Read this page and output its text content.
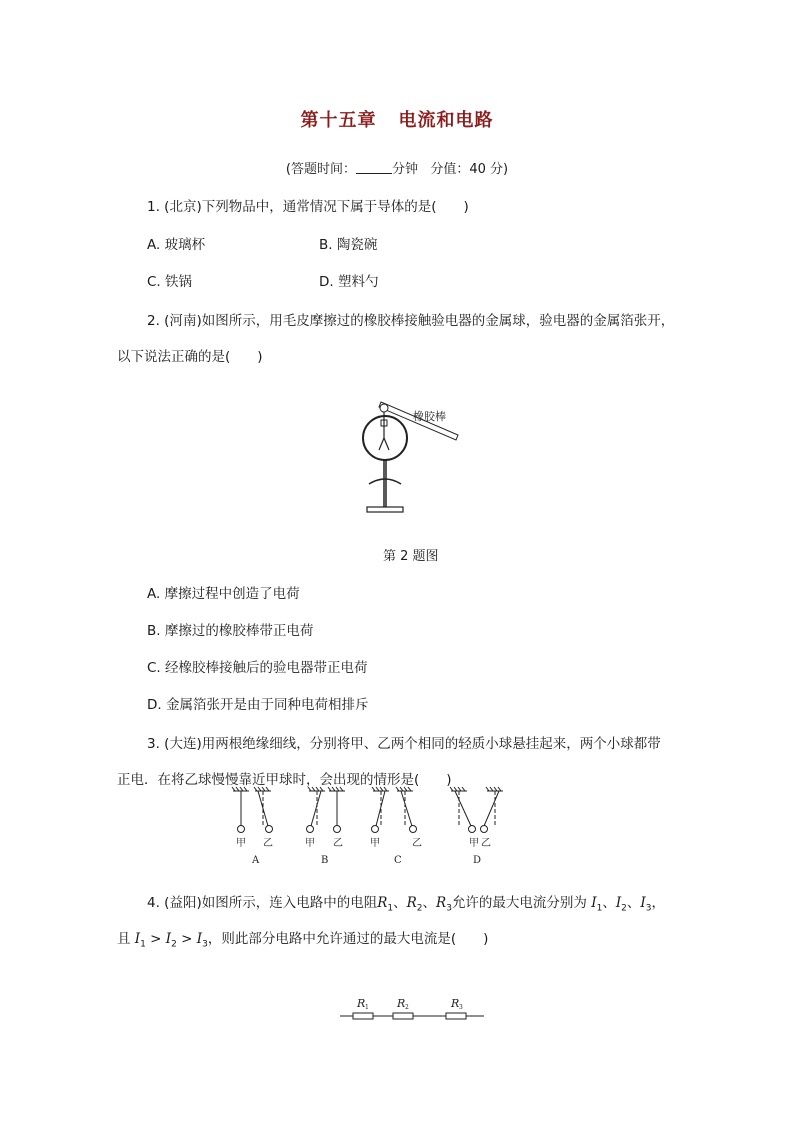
第十五章 电流和电路
(答题时间：	分钟 分值：40 分)
1. (北京)下列物品中，通常情况下属于导体的是(　　)
A. 玻璃杯	B. 陶瓷碗
C. 铁锅	D. 塑料勺
2. (河南)如图所示，用毛皮摩擦过的橡胶棒接触验电器的金属球，验电器的金属箔张开，
以下说法正确的是(　　)
橡胶棒
第 2 题图
A. 摩擦过程中创造了电荷
B. 摩擦过的橡胶棒带正电荷
C. 经橡胶棒接触后的验电器带正电荷
D. 金属箔张开是由于同种电荷相排斥
3. (大连)用两根绝缘细线，分别将甲、乙两个相同的轻质小球悬挂起来，两个小球都带
正电．在将乙球慢慢靠近甲球时，会出现的情形是(　　)
甲 乙	甲 乙	甲	乙	甲 乙
A	B	C	D
4. (益阳)如图所示，连入电路中的电阻$R_1$、$R_2$、$R_3$允许的最大电流分别为 $I_1$、$I_2$、$I_3$，
且 $I_1 > I_2 > I_3$，则此部分电路中允许通过的最大电流是(　　)
R 1	R 2	R 3
